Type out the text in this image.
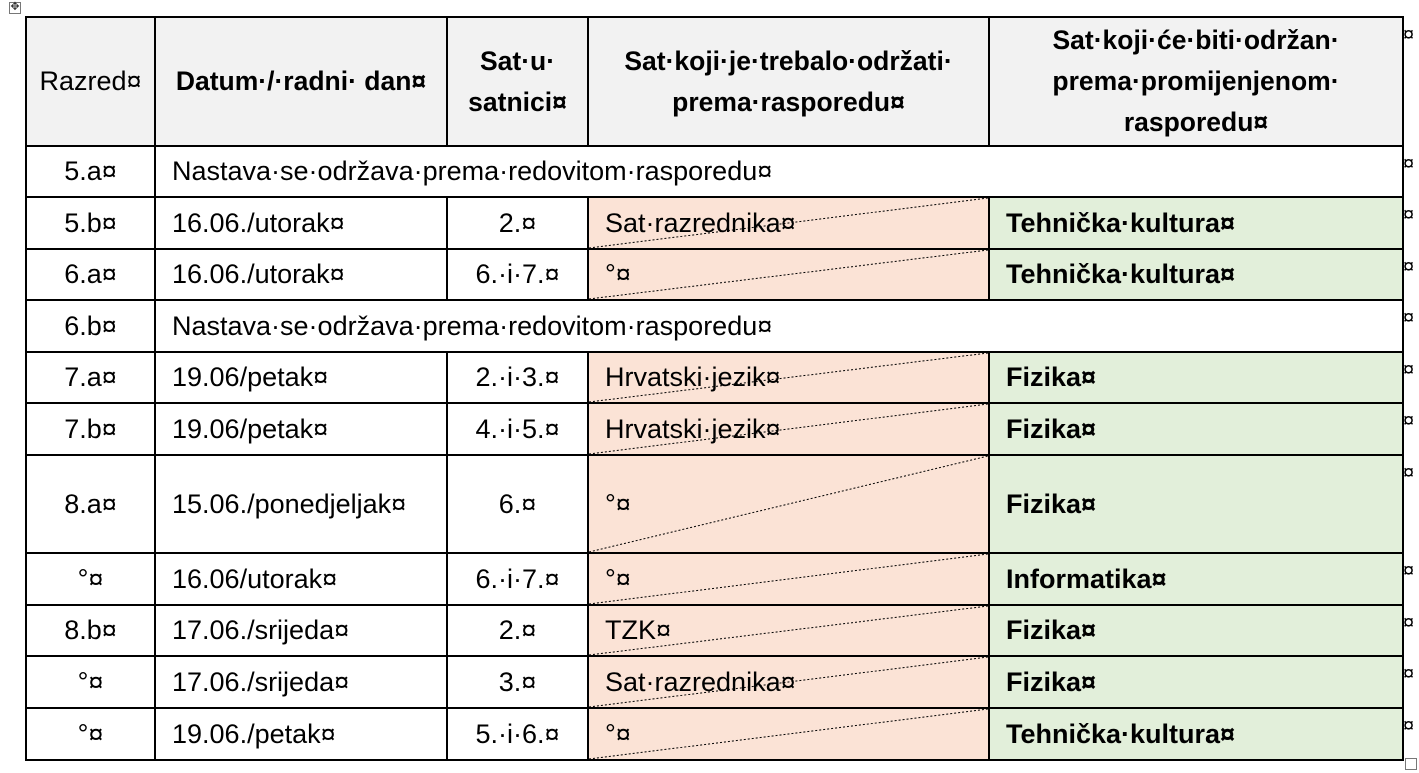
✥
Razred¤	Datum·/·radni· dan¤	Sat·u· satnici¤	Sat·koji·je·trebalo·održati· prema·rasporedu¤	Sat·koji·će·biti·održan· prema·promijenjenom· rasporedu¤
5.a¤	Nastava·se·održava·prema·redovitom·rasporedu¤			
5.b¤	16.06./utorak¤	2.¤	Sat·razrednika¤	Tehnička·kultura¤
6.a¤	16.06./utorak¤	6.·i·7.¤	°¤	Tehnička·kultura¤
6.b¤	Nastava·se·održava·prema·redovitom·rasporedu¤			
7.a¤	19.06/petak¤	2.·i·3.¤	Hrvatski·jezik¤	Fizika¤
7.b¤	19.06/petak¤	4.·i·5.¤	Hrvatski·jezik¤	Fizika¤
8.a¤	15.06./ponedjeljak¤	6.¤	°¤	Fizika¤
°¤	16.06/utorak¤	6.·i·7.¤	°¤	Informatika¤
8.b¤	17.06./srijeda¤	2.¤	TZK¤	Fizika¤
°¤	17.06./srijeda¤	3.¤	Sat·razrednika¤	Fizika¤
°¤	19.06./petak¤	5.·i·6.¤	°¤	Tehnička·kultura¤
¤
¤
¤
¤
¤
¤
¤
¤
¤
¤
¤
¤
